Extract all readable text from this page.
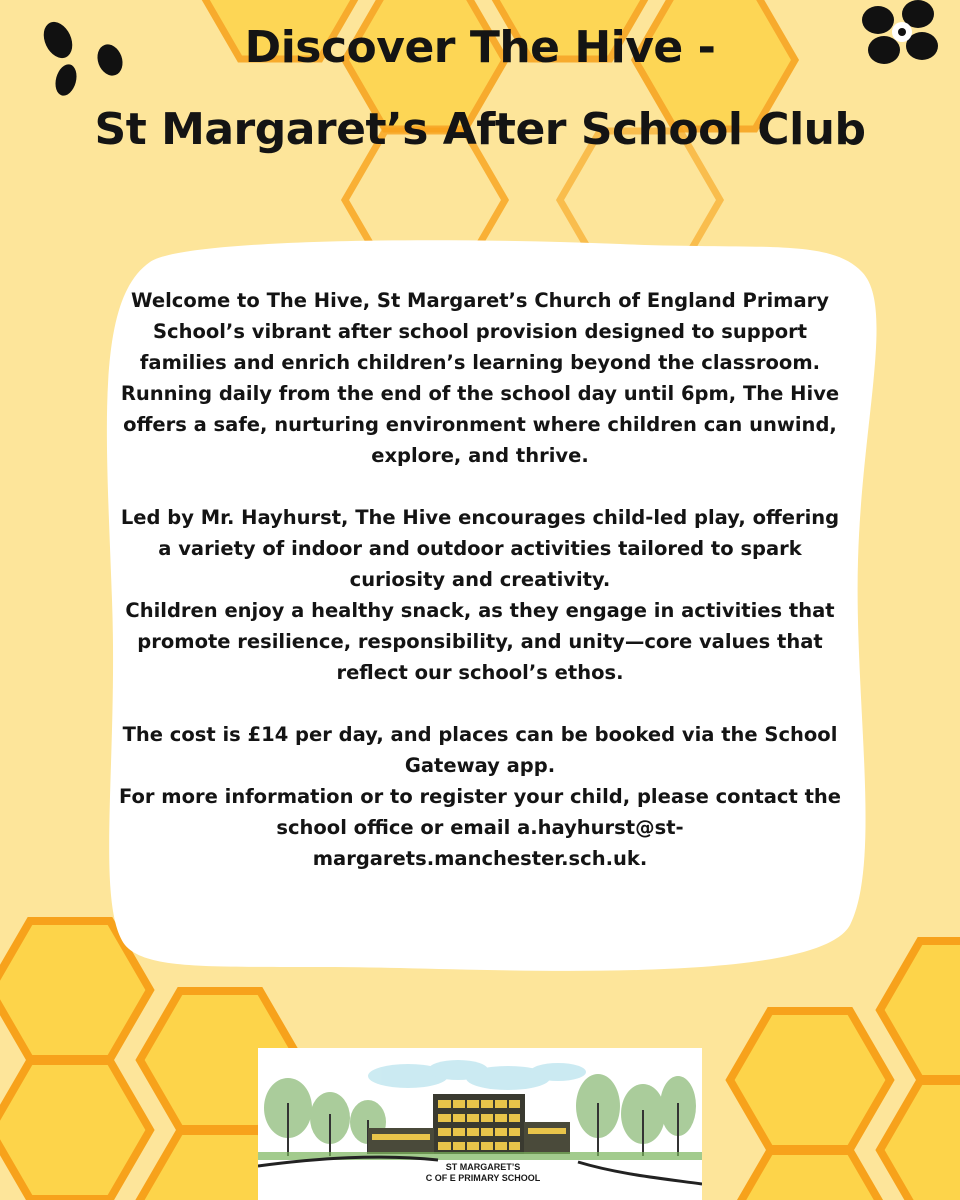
Discover The Hive -
St Margaret’s After School Club

Welcome to The Hive, St Margaret’s Church of England Primary School’s vibrant after school provision designed to support families and enrich children’s learning beyond the classroom.

Running daily from the end of the school day until 6pm, The Hive offers a safe, nurturing environment where children can unwind, explore, and thrive.

Led by Mr. Hayhurst, The Hive encourages child-led play, offering a variety of indoor and outdoor activities tailored to spark curiosity and creativity.

Children enjoy a healthy snack, as they engage in activities that promote resilience, responsibility, and unity—core values that reflect our school’s ethos.

The cost is £14 per day, and places can be booked via the School Gateway app.

For more information or to register your child, please contact the school office or email a.hayhurst@st-margarets.manchester.sch.uk.

ST MARGARET’S
C OF E PRIMARY SCHOOL
